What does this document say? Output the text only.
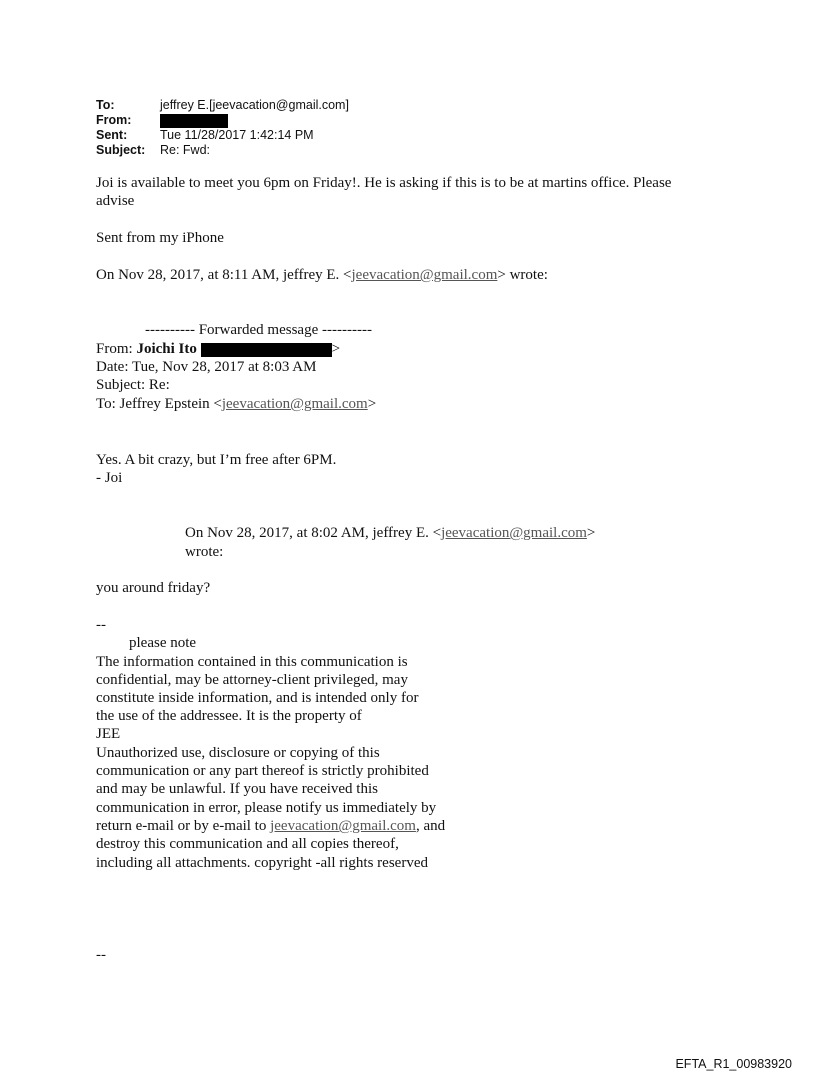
To:	jeffrey E.[jeevacation@gmail.com]
From:
Sent:	Tue 11/28/2017 1:42:14 PM
Subject: Re: Fwd:
Joi is available to meet you 6pm on Friday!. He is asking if this is to be at martins office. Please
advise
Sent from my iPhone
On Nov 28, 2017, at 8:11 AM, jeffrey E. <jeevacation@gmail.com> wrote:
---------- Forwarded message ----------
From: Joichi Ito	>
Date: Tue, Nov 28, 2017 at 8:03 AM
Subject: Re:
To: Jeffrey Epstein <jeevacation@gmail.com>
Yes. A bit crazy, but I’m free after 6PM.
- Joi
On Nov 28, 2017, at 8:02 AM, jeffrey E. <jeevacation@gmail.com>
wrote:
you around friday?
--
please note
The information contained in this communication is
confidential, may be attorney-client privileged, may
constitute inside information, and is intended only for
the use of the addressee. It is the property of
JEE
Unauthorized use, disclosure or copying of this
communication or any part thereof is strictly prohibited
and may be unlawful. If you have received this
communication in error, please notify us immediately by
return e-mail or by e-mail to jeevacation@gmail.com, and
destroy this communication and all copies thereof,
including all attachments. copyright -all rights reserved
--
EFTA_R1_00983920
